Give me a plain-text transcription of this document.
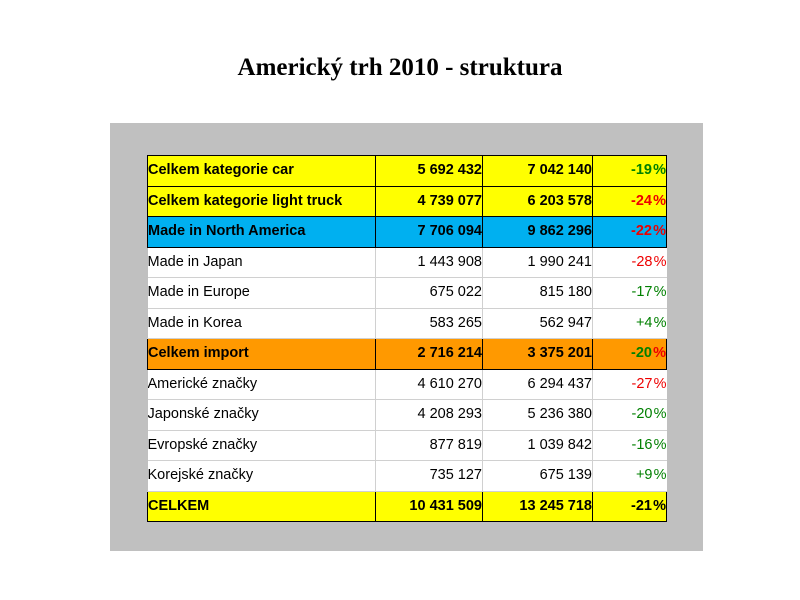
Americký trh 2010 - struktura
Celkem kategorie car	5 692 432	7 042 140	-19%
Celkem kategorie light truck	4 739 077	6 203 578	-24%
Made in North America	7 706 094	9 862 296	-22%
Made in Japan	1 443 908	1 990 241	-28%
Made in Europe	675 022	815 180	-17%
Made in Korea	583 265	562 947	+4%
Celkem import	2 716 214	3 375 201	-20%
Americké značky	4 610 270	6 294 437	-27%
Japonské značky	4 208 293	5 236 380	-20%
Evropské značky	877 819	1 039 842	-16%
Korejské značky	735 127	675 139	+9%
CELKEM	10 431 509	13 245 718	-21%
